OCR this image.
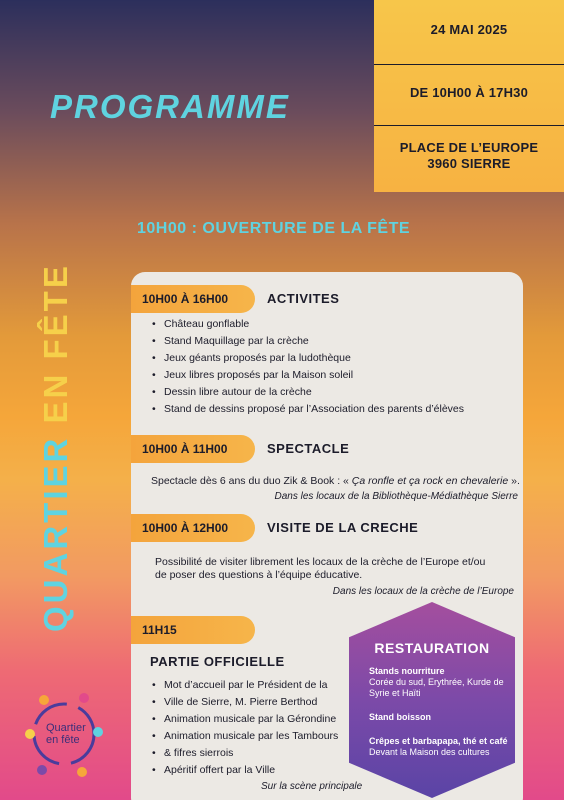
24 MAI 2025
DE 10H00 À 17H30
PLACE DE L’EUROPE
3960 SIERRE
PROGRAMME
QUARTIER EN FÊTE
10H00 : OUVERTURE DE LA FÊTE
10H00 À 16H00	ACTIVITES
• Château gonflable
• Stand Maquillage par la crèche
• Jeux géants proposés par la ludothèque
• Jeux libres proposés par la Maison soleil
• Dessin libre autour de la crèche
• Stand de dessins proposé par l’Association des parents d’élèves
10H00 À 11H00	SPECTACLE
Spectacle dès 6 ans du duo Zik & Book : « Ça ronfle et ça rock en chevalerie ».
Dans les locaux de la Bibliothèque-Médiathèque Sierre
10H00 À 12H00	VISITE DE LA CRECHE
Possibilité de visiter librement les locaux de la crèche de l’Europe et/ou
de poser des questions à l’équipe éducative.
Dans les locaux de la crèche de l’Europe
11H15
PARTIE OFFICIELLE
• Mot d’accueil par le Président de la
• Ville de Sierre, M. Pierre Berthod
• Animation musicale par la Gérondine
• Animation musicale par les Tambours
• & fifres sierrois
• Apéritif offert par la Ville
Sur la scène principale
RESTAURATION
Stands nourriture
Corée du sud, Erythrée, Kurde de
Syrie et Haïti
Stand boisson
Crêpes et barbapapa, thé et café
Devant la Maison des cultures
Quartier
en fête
